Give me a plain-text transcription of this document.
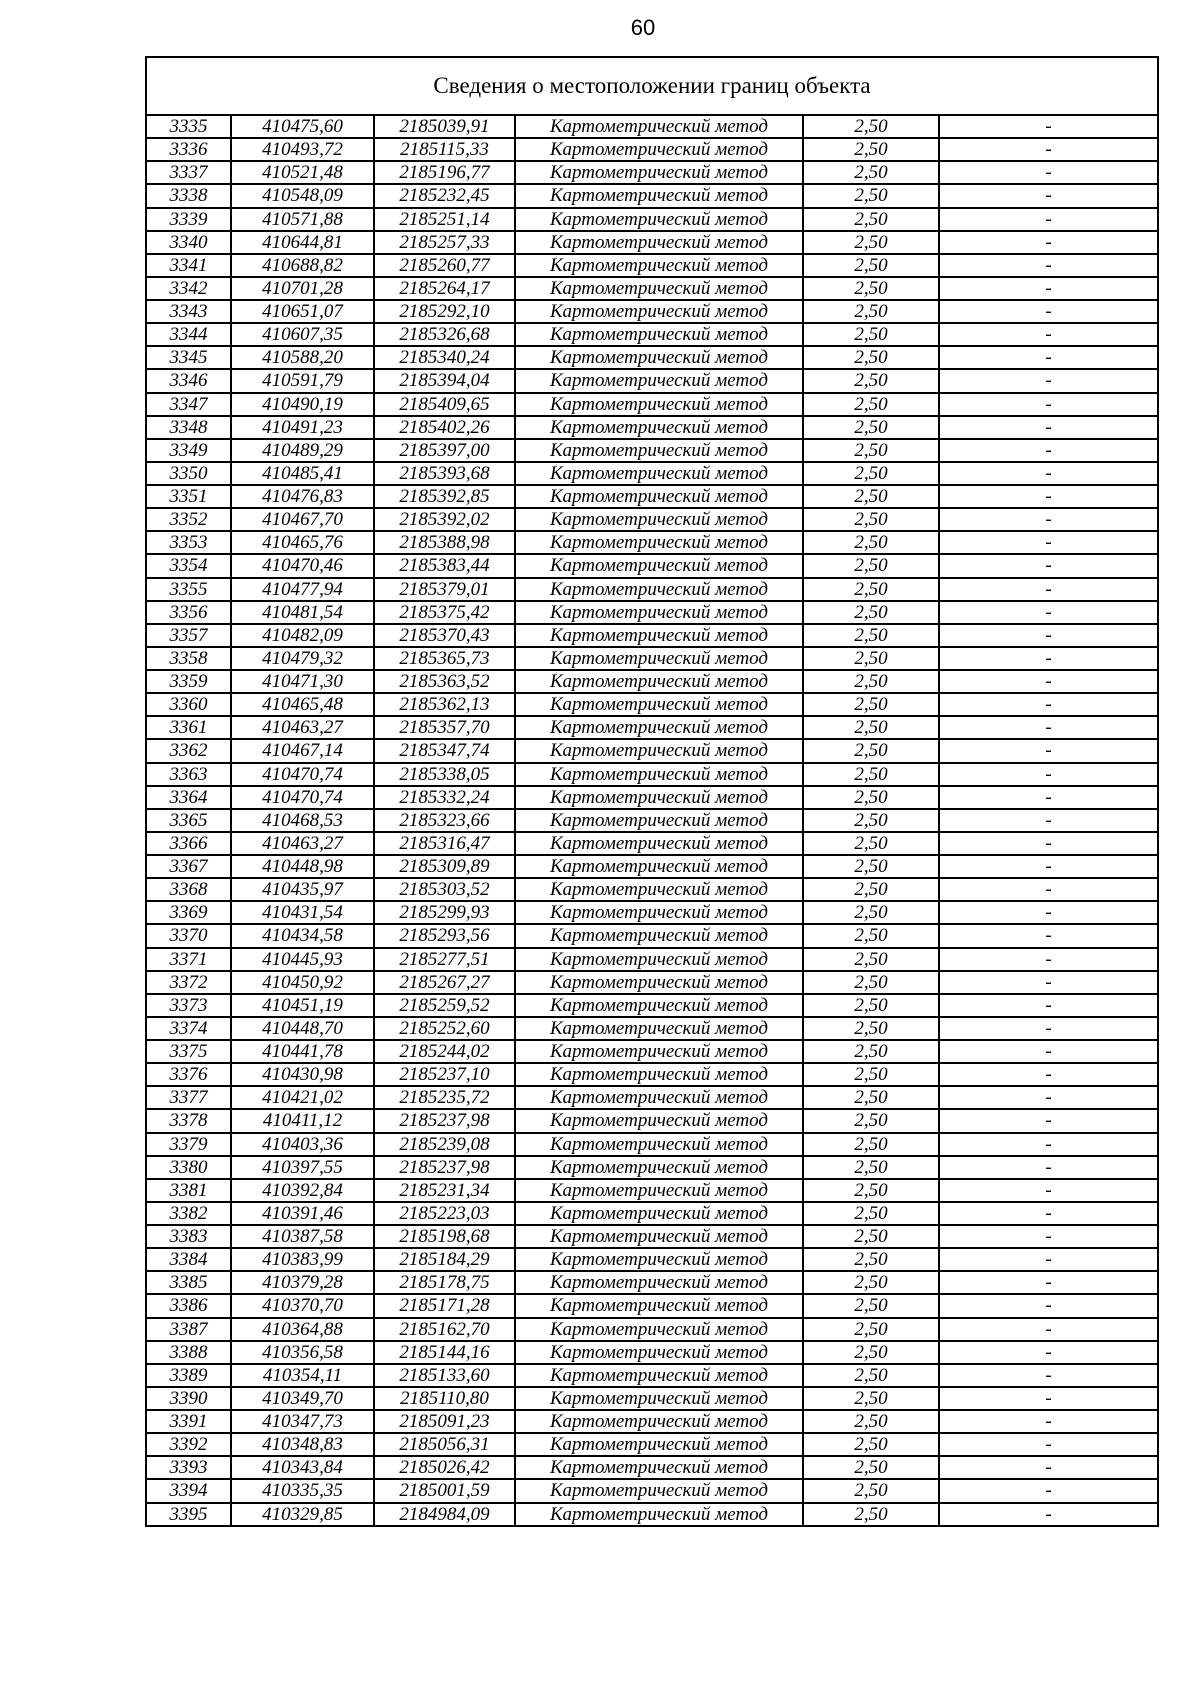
60
Сведения о местоположении границ объекта					
3335	410475,60	2185039,91	Картометрический метод	2,50	-
3336	410493,72	2185115,33	Картометрический метод	2,50	-
3337	410521,48	2185196,77	Картометрический метод	2,50	-
3338	410548,09	2185232,45	Картометрический метод	2,50	-
3339	410571,88	2185251,14	Картометрический метод	2,50	-
3340	410644,81	2185257,33	Картометрический метод	2,50	-
3341	410688,82	2185260,77	Картометрический метод	2,50	-
3342	410701,28	2185264,17	Картометрический метод	2,50	-
3343	410651,07	2185292,10	Картометрический метод	2,50	-
3344	410607,35	2185326,68	Картометрический метод	2,50	-
3345	410588,20	2185340,24	Картометрический метод	2,50	-
3346	410591,79	2185394,04	Картометрический метод	2,50	-
3347	410490,19	2185409,65	Картометрический метод	2,50	-
3348	410491,23	2185402,26	Картометрический метод	2,50	-
3349	410489,29	2185397,00	Картометрический метод	2,50	-
3350	410485,41	2185393,68	Картометрический метод	2,50	-
3351	410476,83	2185392,85	Картометрический метод	2,50	-
3352	410467,70	2185392,02	Картометрический метод	2,50	-
3353	410465,76	2185388,98	Картометрический метод	2,50	-
3354	410470,46	2185383,44	Картометрический метод	2,50	-
3355	410477,94	2185379,01	Картометрический метод	2,50	-
3356	410481,54	2185375,42	Картометрический метод	2,50	-
3357	410482,09	2185370,43	Картометрический метод	2,50	-
3358	410479,32	2185365,73	Картометрический метод	2,50	-
3359	410471,30	2185363,52	Картометрический метод	2,50	-
3360	410465,48	2185362,13	Картометрический метод	2,50	-
3361	410463,27	2185357,70	Картометрический метод	2,50	-
3362	410467,14	2185347,74	Картометрический метод	2,50	-
3363	410470,74	2185338,05	Картометрический метод	2,50	-
3364	410470,74	2185332,24	Картометрический метод	2,50	-
3365	410468,53	2185323,66	Картометрический метод	2,50	-
3366	410463,27	2185316,47	Картометрический метод	2,50	-
3367	410448,98	2185309,89	Картометрический метод	2,50	-
3368	410435,97	2185303,52	Картометрический метод	2,50	-
3369	410431,54	2185299,93	Картометрический метод	2,50	-
3370	410434,58	2185293,56	Картометрический метод	2,50	-
3371	410445,93	2185277,51	Картометрический метод	2,50	-
3372	410450,92	2185267,27	Картометрический метод	2,50	-
3373	410451,19	2185259,52	Картометрический метод	2,50	-
3374	410448,70	2185252,60	Картометрический метод	2,50	-
3375	410441,78	2185244,02	Картометрический метод	2,50	-
3376	410430,98	2185237,10	Картометрический метод	2,50	-
3377	410421,02	2185235,72	Картометрический метод	2,50	-
3378	410411,12	2185237,98	Картометрический метод	2,50	-
3379	410403,36	2185239,08	Картометрический метод	2,50	-
3380	410397,55	2185237,98	Картометрический метод	2,50	-
3381	410392,84	2185231,34	Картометрический метод	2,50	-
3382	410391,46	2185223,03	Картометрический метод	2,50	-
3383	410387,58	2185198,68	Картометрический метод	2,50	-
3384	410383,99	2185184,29	Картометрический метод	2,50	-
3385	410379,28	2185178,75	Картометрический метод	2,50	-
3386	410370,70	2185171,28	Картометрический метод	2,50	-
3387	410364,88	2185162,70	Картометрический метод	2,50	-
3388	410356,58	2185144,16	Картометрический метод	2,50	-
3389	410354,11	2185133,60	Картометрический метод	2,50	-
3390	410349,70	2185110,80	Картометрический метод	2,50	-
3391	410347,73	2185091,23	Картометрический метод	2,50	-
3392	410348,83	2185056,31	Картометрический метод	2,50	-
3393	410343,84	2185026,42	Картометрический метод	2,50	-
3394	410335,35	2185001,59	Картометрический метод	2,50	-
3395	410329,85	2184984,09	Картометрический метод	2,50	-
